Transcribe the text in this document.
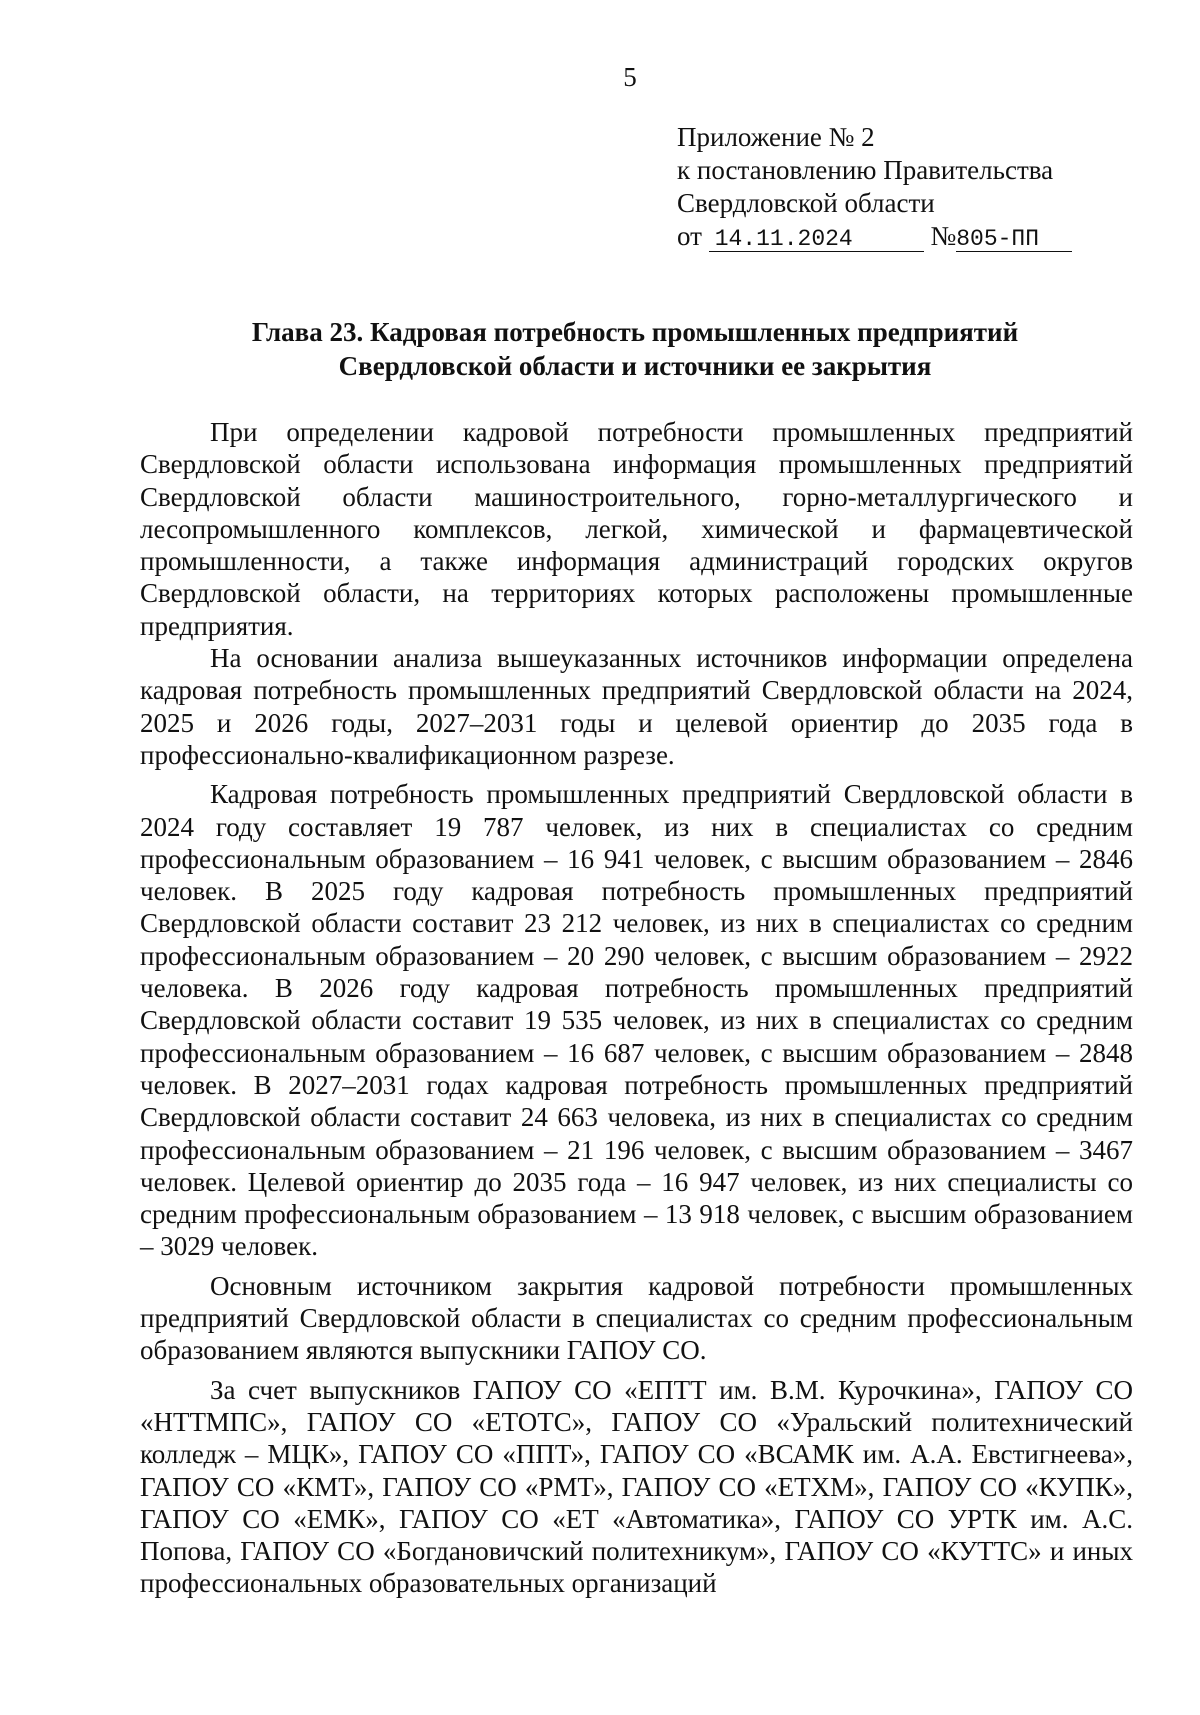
5
Приложение № 2
к постановлению Правительства
Свердловской области
от 14.11.2024	№805-ПП
Глава 23. Кадровая потребность промышленных предприятий
Свердловской области и источники ее закрытия

При определении кадровой потребности промышленных предприятий Свердловской области использована информация промышленных предприятий Свердловской области машиностроительного, горно-металлургического и лесопромышленного комплексов, легкой, химической и фармацевтической промышленности, а также информация администраций городских округов Свердловской области, на территориях которых расположены промышленные предприятия.

На основании анализа вышеуказанных источников информации определена кадровая потребность промышленных предприятий Свердловской области на 2024, 2025 и 2026 годы, 2027–2031 годы и целевой ориентир до 2035 года в профессионально-квалификационном разрезе.

Кадровая потребность промышленных предприятий Свердловской области в 2024 году составляет 19 787 человек, из них в специалистах со средним профессиональным образованием – 16 941 человек, с высшим образованием – 2846 человек. В 2025 году кадровая потребность промышленных предприятий Свердловской области составит 23 212 человек, из них в специалистах со средним профессиональным образованием – 20 290 человек, с высшим образованием – 2922 человека. В 2026 году кадровая потребность промышленных предприятий Свердловской области составит 19 535 человек, из них в специалистах со средним профессиональным образованием – 16 687 человек, с высшим образованием – 2848 человек. В 2027–2031 годах кадровая потребность промышленных предприятий Свердловской области составит 24 663 человека, из них в специалистах со средним профессиональным образованием – 21 196 человек, с высшим образованием – 3467 человек. Целевой ориентир до 2035 года – 16 947 человек, из них специалисты со средним профессиональным образованием – 13 918 человек, с высшим образованием – 3029 человек.

Основным источником закрытия кадровой потребности промышленных предприятий Свердловской области в специалистах со средним профессиональным образованием являются выпускники ГАПОУ СО.

За счет выпускников ГАПОУ СО «ЕПТТ им. В.М. Курочкина», ГАПОУ СО «НТТМПС», ГАПОУ СО «ЕТОТС», ГАПОУ СО «Уральский политехнический колледж – МЦК», ГАПОУ СО «ППТ», ГАПОУ СО «ВСАМК им. А.А. Евстигнеева», ГАПОУ СО «КМТ», ГАПОУ СО «РМТ», ГАПОУ СО «ЕТХМ», ГАПОУ СО «КУПК», ГАПОУ СО «ЕМК», ГАПОУ СО «ЕТ «Автоматика», ГАПОУ СО УРТК им. А.С. Попова, ГАПОУ СО «Богдановичский политехникум», ГАПОУ СО «КУТТС» и иных профессиональных образовательных организаций
